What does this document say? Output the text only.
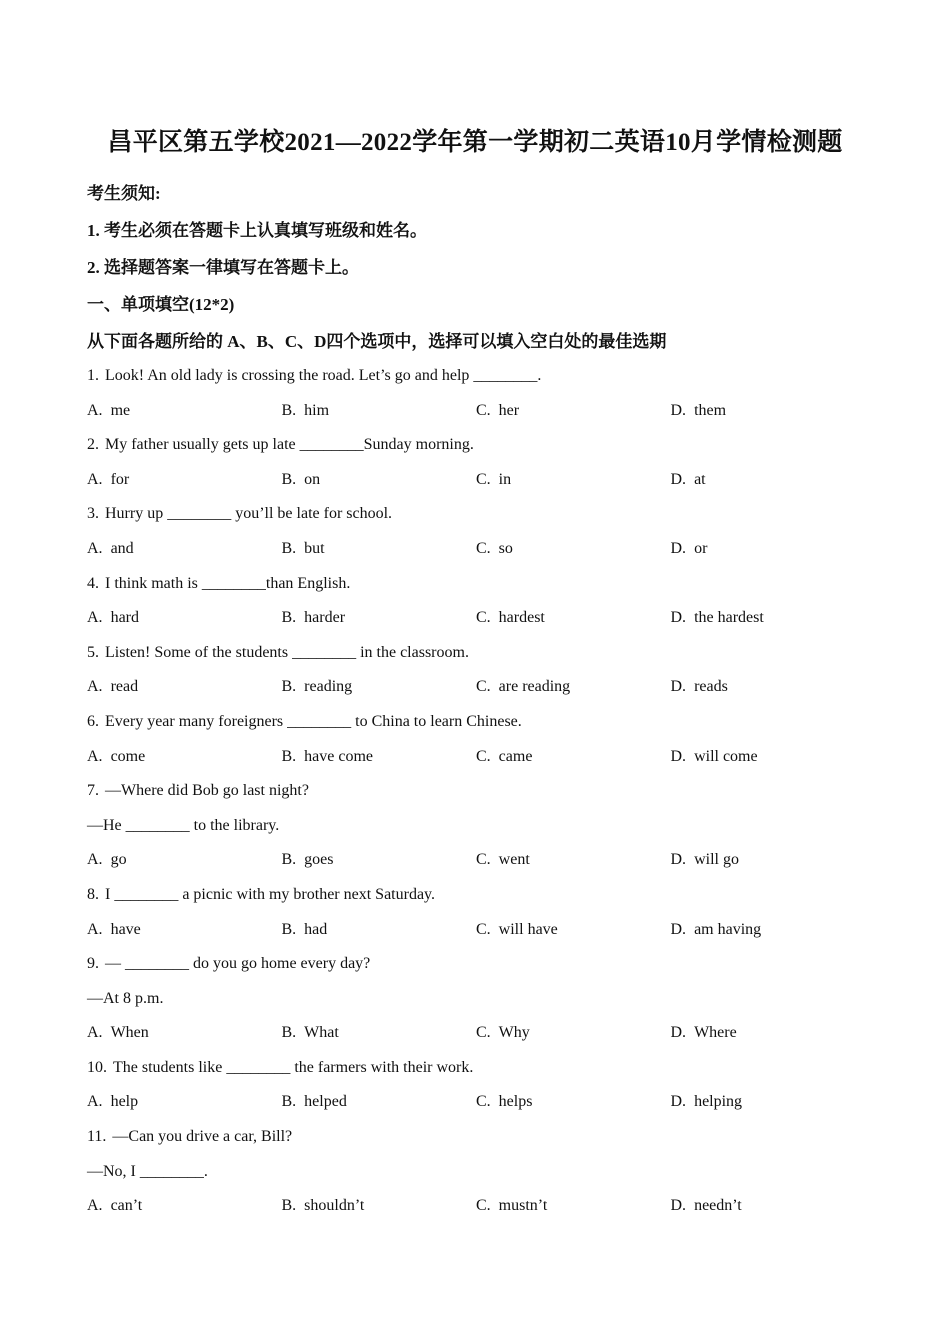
昌平区第五学校2021—2022学年第一学期初二英语10月学情检测题
考生须知:
1. 考生必须在答题卡上认真填写班级和姓名。
2. 选择题答案一律填写在答题卡上。
一、单项填空(12*2)
从下面各题所给的 A、B、C、D四个选项中，选择可以填入空白处的最佳选期
1. Look! An old lady is crossing the road. Let’s go and help ________.
A. me	B. him	C. her	D. them
2. My father usually gets up late ________Sunday morning.
A. for	B. on	C. in	D. at
3. Hurry up ________ you’ll be late for school.
A. and	B. but	C. so	D. or
4. I think math is ________than English.
A. hard	B. harder	C. hardest	D. the hardest
5. Listen! Some of the students ________ in the classroom.
A. read	B. reading	C. are reading	D. reads
6. Every year many foreigners ________ to China to learn Chinese.
A. come	B. have come	C. came	D. will come
7. —Where did Bob go last night?
—He ________ to the library.
A. go	B. goes	C. went	D. will go
8. I ________ a picnic with my brother next Saturday.
A. have	B. had	C. will have	D. am having
9. — ________ do you go home every day?
—At 8 p.m.
A. When	B. What	C. Why	D. Where
10. The students like ________ the farmers with their work.
A. help	B. helped	C. helps	D. helping
11. —Can you drive a car, Bill?
—No, I ________.
A. can’t	B. shouldn’t	C. mustn’t	D. needn’t
